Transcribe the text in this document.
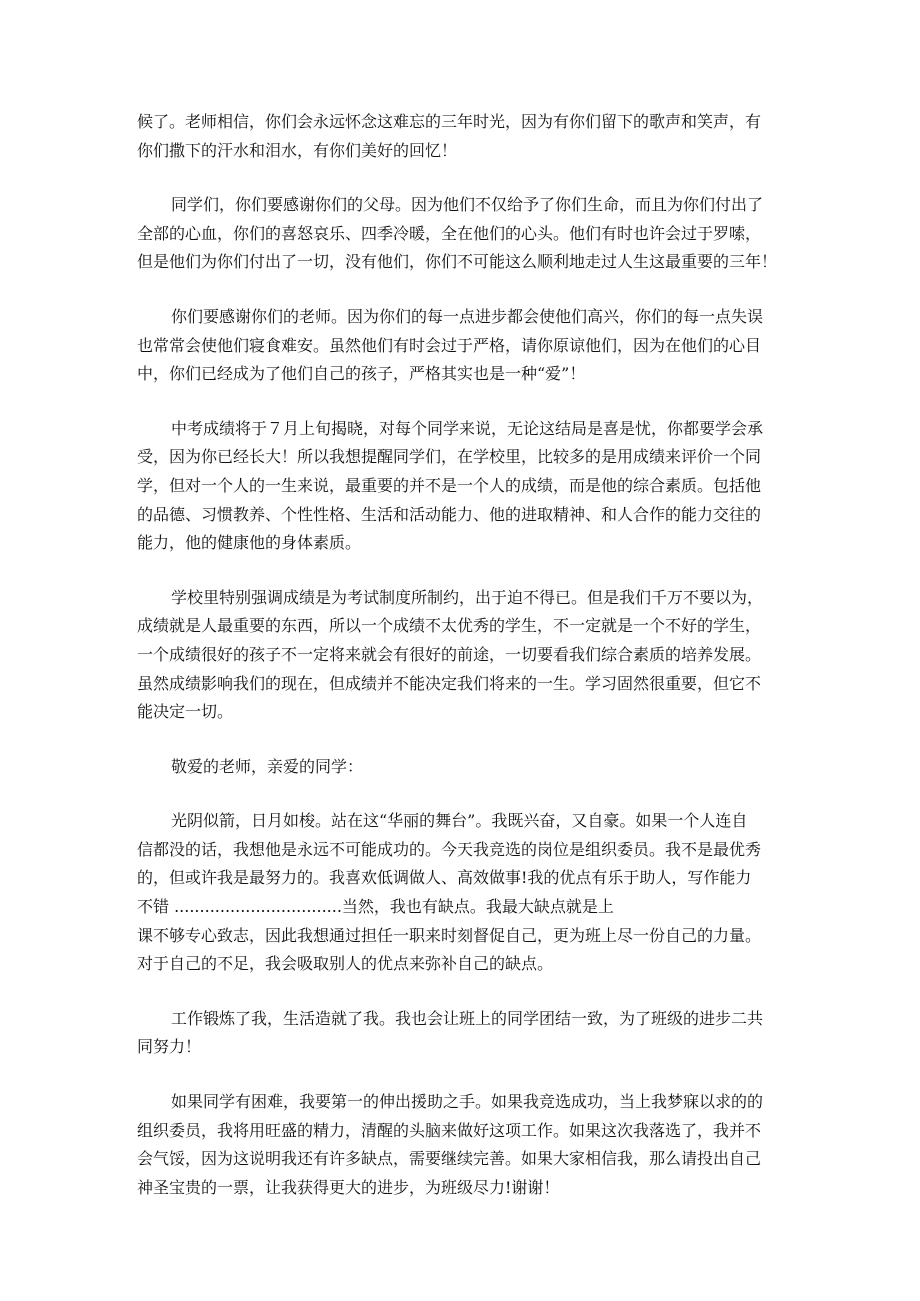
候了。老师相信，你们会永远怀念这难忘的三年时光，因为有你们留下的歌声和笑声，有
你们撒下的汗水和泪水，有你们美好的回忆！
同学们，你们要感谢你们的父母。因为他们不仅给予了你们生命，而且为你们付出了
全部的心血，你们的喜怒哀乐、四季冷暖，全在他们的心头。他们有时也许会过于罗嗦，
但是他们为你们付出了一切，没有他们，你们不可能这么顺利地走过人生这最重要的三年！
你们要感谢你们的老师。因为你们的每一点进步都会使他们高兴，你们的每一点失误
也常常会使他们寝食难安。虽然他们有时会过于严格，请你原谅他们，因为在他们的心目
中，你们已经成为了他们自己的孩子，严格其实也是一种“爱”！
中考成绩将于７月上旬揭晓，对每个同学来说，无论这结局是喜是忧，你都要学会承
受，因为你已经长大！所以我想提醒同学们，在学校里，比较多的是用成绩来评价一个同
学，但对一个人的一生来说，最重要的并不是一个人的成绩，而是他的综合素质。包括他
的品德、习惯教养、个性性格、生活和活动能力、他的进取精神、和人合作的能力交往的
能力，他的健康他的身体素质。
学校里特别强调成绩是为考试制度所制约，出于迫不得已。但是我们千万不要以为，
成绩就是人最重要的东西，所以一个成绩不太优秀的学生，不一定就是一个不好的学生，
一个成绩很好的孩子不一定将来就会有很好的前途，一切要看我们综合素质的培养发展。
虽然成绩影响我们的现在，但成绩并不能决定我们将来的一生。学习固然很重要，但它不
能决定一切。
敬爱的老师，亲爱的同学：
光阴似箭，日月如梭。站在这“华丽的舞台”。我既兴奋，又自豪。如果一个人连自
信都没的话，我想他是永远不可能成功的。今天我竞选的岗位是组织委员。我不是最优秀
的，但或许我是最努力的。我喜欢低调做人、高效做事!我的优点有乐于助人，写作能力
不错 .................................当然，我也有缺点。我最大缺点就是上
课不够专心致志，因此我想通过担任一职来时刻督促自己，更为班上尽一份自己的力量。
对于自己的不足，我会吸取别人的优点来弥补自己的缺点。
工作锻炼了我，生活造就了我。我也会让班上的同学团结一致，为了班级的进步二共
同努力！
如果同学有困难，我要第一的伸出援助之手。如果我竞选成功，当上我梦寐以求的的
组织委员，我将用旺盛的精力，清醒的头脑来做好这项工作。如果这次我落选了，我并不
会气馁，因为这说明我还有许多缺点，需要继续完善。如果大家相信我，那么请投出自己
神圣宝贵的一票，让我获得更大的进步，为班级尽力!谢谢！
